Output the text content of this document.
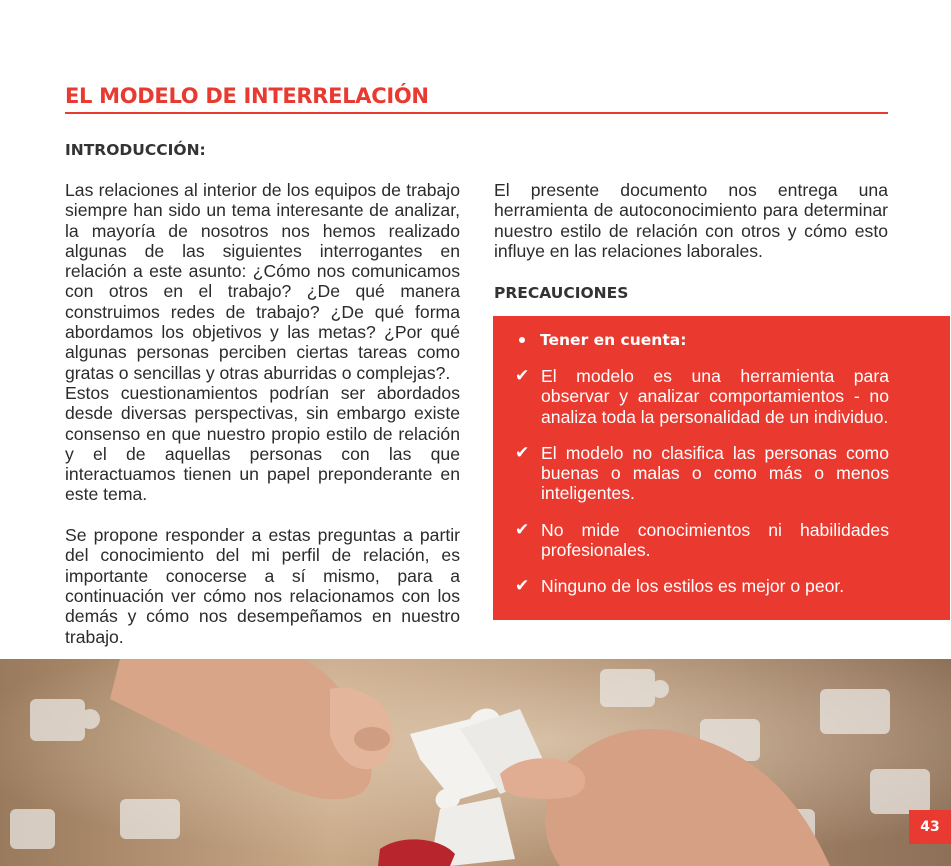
EL MODELO DE INTERRELACIÓN
INTRODUCCIÓN:

Las relaciones al interior de los equipos de trabajo siempre han sido un tema interesante de analizar, la mayoría de nosotros nos hemos realizado algunas de las siguientes interrogantes en relación a este asunto: ¿Cómo nos comunicamos con otros en el trabajo? ¿De qué manera construimos redes de trabajo? ¿De qué forma abordamos los objetivos y las metas? ¿Por qué algunas personas perciben ciertas tareas como gratas o sencillas y otras aburridas o complejas?.

Estos cuestionamientos podrían ser abordados desde diversas perspectivas, sin embargo existe consenso en que nuestro propio estilo de relación y el de aquellas personas con las que interactuamos tienen un papel preponderante en este tema.

Se propone responder a estas preguntas a partir del conocimiento del mi perfil de relación, es importante conocerse a sí mismo, para a continuación ver cómo nos relacionamos con los demás y cómo nos desempeñamos en nuestro trabajo.

El presente documento nos entrega una herramienta de autoconocimiento para determinar nuestro estilo de relación con otros y cómo esto influye en las relaciones laborales.

PRECAUCIONES
Tener en cuenta:
✔ El modelo es una herramienta para observar y analizar comportamientos - no analiza toda la personalidad de un individuo.
✔ El modelo no clasifica las personas como buenas o malas o como más o menos inteligentes.
✔ No mide conocimientos ni habilidades profesionales.
✔ Ninguno de los estilos es mejor o peor.
43
